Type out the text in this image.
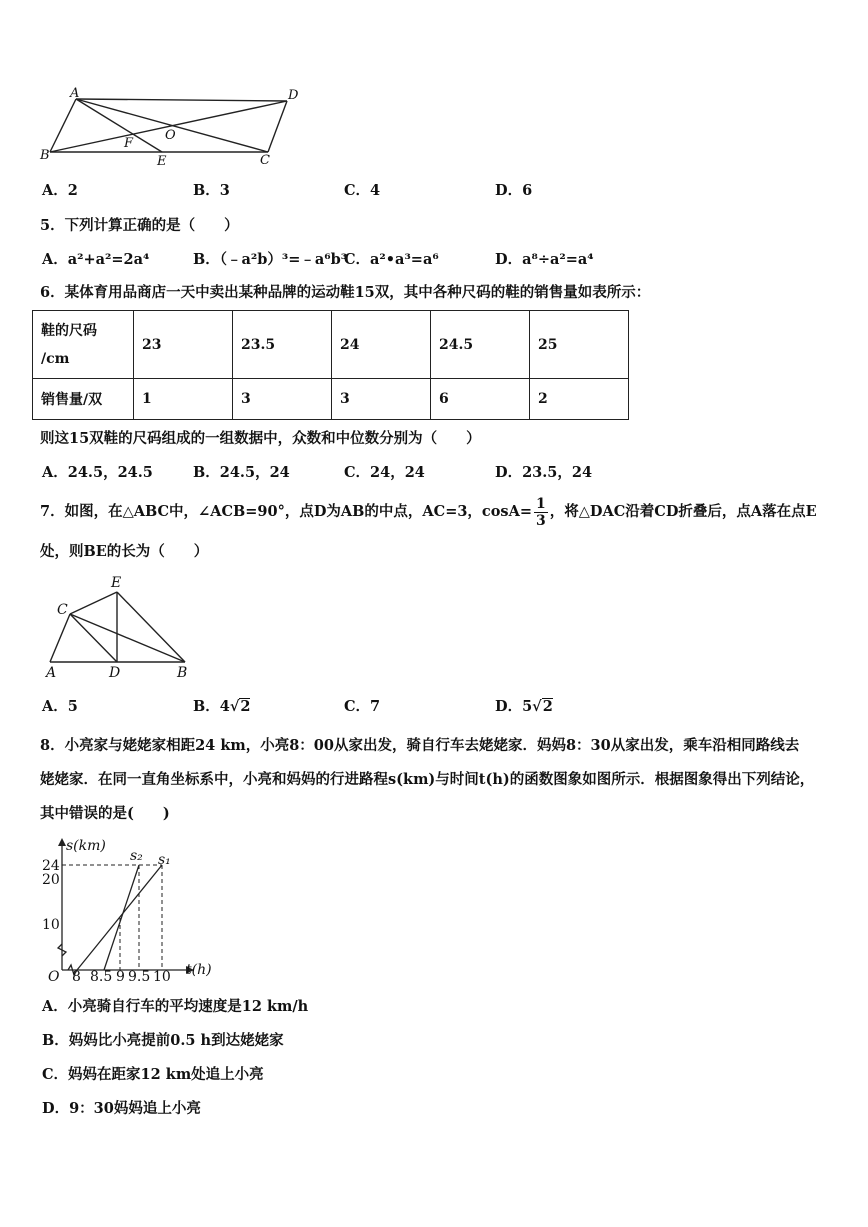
A	D
O
F
B	E	C
A．2	B．3	C．4	D．6
5．下列计算正确的是（　　）
A．a²+a²=2a⁴	B．（﹣a²b）³=﹣a⁶b³
C．a²•a³=a⁶	D．a⁸÷a²=a⁴
6．某体育用品商店一天中卖出某种品牌的运动鞋15双，其中各种尺码的鞋的销售量如表所示：
鞋的尺码
/cm	23	23.5	24	24.5	25
销售量/双	1	3	3	6	2
则这15双鞋的尺码组成的一组数据中，众数和中位数分别为（　　）
A．24.5，24.5	B．24.5，24	C．24，24	D．23.5，24
7．如图，在△ABC中，∠ACB=90°，点D为AB的中点，AC=3，$\cos A= \frac{1}{3}$ ，将△DAC沿着CD折叠后，点A落在点E
处，则BE的长为（　　）
E
C
A	D	B
A．5	B．4√2	C．7	D．5√2
8．小亮家与姥姥家相距24 km，小亮8：00从家出发，骑自行车去姥姥家．妈妈8：30从家出发，乘车沿相同路线去
姥姥家．在同一直角坐标系中，小亮和妈妈的行进路程s(km)与时间t(h)的函数图象如图所示．根据图象得出下列结论，
其中错误的是(　　)
s(km)
24
20
10
O 8 8.5 9 9.5 10 t(h)
s₂ s₁
A．小亮骑自行车的平均速度是12 km/h
B．妈妈比小亮提前0.5 h到达姥姥家
C．妈妈在距家12 km处追上小亮
D．9：30妈妈追上小亮
